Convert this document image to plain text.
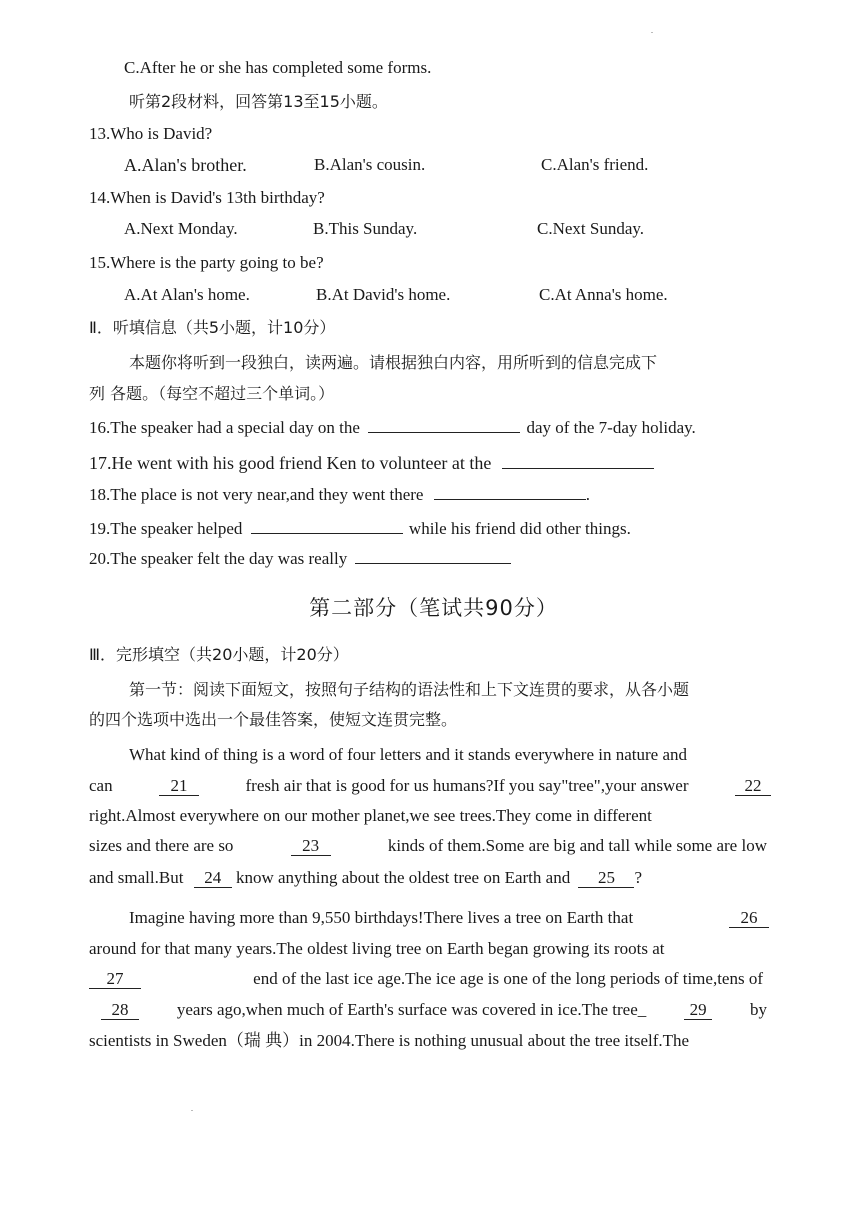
C.After he or she has completed some forms.
听第2段材料，回答第13至15小题。
13.Who is David?
A.Alan's brother.	B.Alan's cousin.	C.Alan's friend.
14.When is David's 13th birthday?
A.Next Monday.	B.This Sunday.	C.Next Sunday.
15.Where is the party going to be?
A.At Alan's home.	B.At David's home.	C.At Anna's home.
Ⅱ．听填信息（共5小题，计10分）
本题你将听到一段独白，读两遍。请根据独白内容，用所听到的信息完成下
列 各题。（每空不超过三个单词。）
16.The speaker had a special day on the	day of the 7-day holiday.
17.He went with his good friend Ken to volunteer at the
18.The place is not very near,and they went there	.
19.The speaker helped	while his friend did other things.
20.The speaker felt the day was really
第二部分（笔试共90分）
Ⅲ．完形填空（共20小题，计20分）
第一节：阅读下面短文，按照句子结构的语法性和上下文连贯的要求，从各小题
的四个选项中选出一个最佳答案，使短文连贯完整。
What kind of thing is a word of four letters and it stands everywhere in nature and
can	21	fresh air that is good for us humans?If you say"tree",your answer	22
right.Almost everywhere on our mother planet,we see trees.They come in different
sizes and there are so	23	kinds of them.Some are big and tall while some are low
and small.But 24 know anything about the oldest tree on Earth and 25 ?
Imagine having more than 9,550 birthdays!There lives a tree on Earth that	26
around for that many years.The oldest living tree on Earth began growing its roots at
27	end of the last ice age.The ice age is one of the long periods of time,tens of
28	years ago,when much of Earth's surface was covered in ice.The tree_	29	by
scientists in Sweden（瑞 典）in 2004.There is nothing unusual about the tree itself.The
